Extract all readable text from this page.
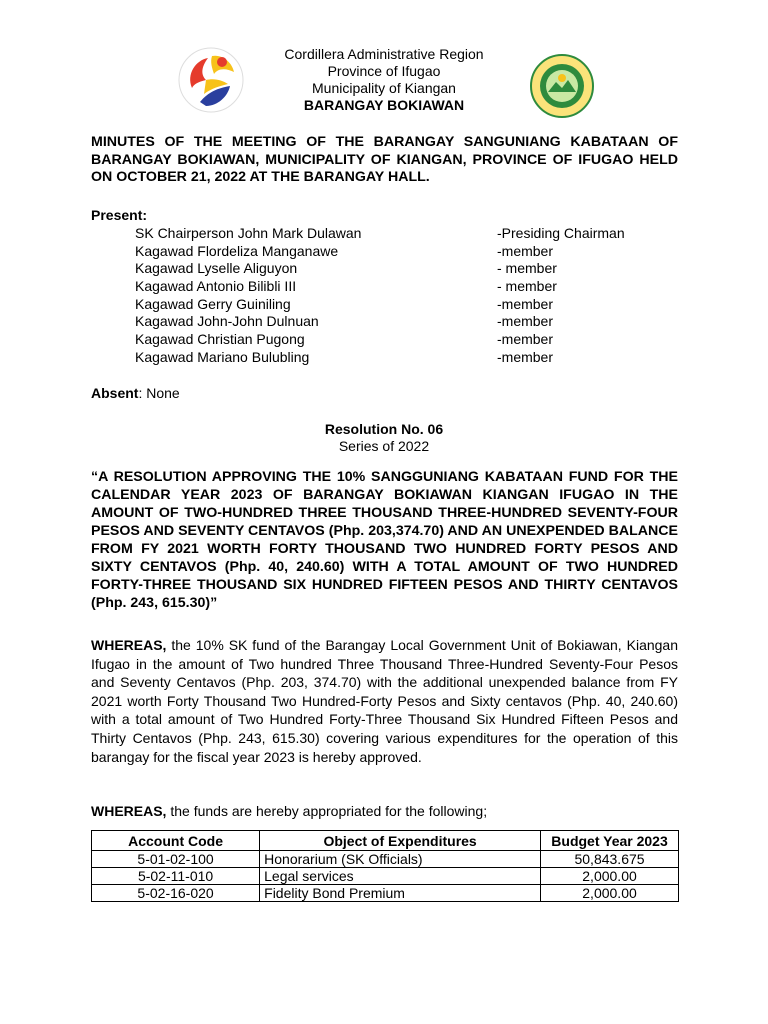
Cordillera Administrative Region
Province of Ifugao
Municipality of Kiangan
BARANGAY BOKIAWAN
MINUTES OF THE MEETING OF THE BARANGAY SANGUNIANG KABATAAN OF BARANGAY BOKIAWAN, MUNICIPALITY OF KIANGAN, PROVINCE OF IFUGAO HELD ON OCTOBER 21, 2022 AT THE BARANGAY HALL.
Present:
SK Chairperson John Mark Dulawan	-Presiding Chairman
Kagawad Flordeliza Manganawe	-member
Kagawad Lyselle Aliguyon	- member
Kagawad Antonio Bilibli III	- member
Kagawad Gerry Guiniling	-member
Kagawad John-John Dulnuan	-member
Kagawad Christian Pugong	-member
Kagawad Mariano Bulubling	-member
Absent: None
Resolution No. 06
Series of 2022
“A RESOLUTION APPROVING THE 10% SANGGUNIANG KABATAAN FUND FOR THE CALENDAR YEAR 2023 OF BARANGAY BOKIAWAN KIANGAN IFUGAO IN THE AMOUNT OF TWO-HUNDRED THREE THOUSAND THREE-HUNDRED SEVENTY-FOUR PESOS AND SEVENTY CENTAVOS (Php. 203,374.70) AND AN UNEXPENDED BALANCE FROM FY 2021 WORTH FORTY THOUSAND TWO HUNDRED FORTY PESOS AND SIXTY CENTAVOS (Php. 40, 240.60) WITH A TOTAL AMOUNT OF TWO HUNDRED FORTY-THREE THOUSAND SIX HUNDRED FIFTEEN PESOS AND THIRTY CENTAVOS (Php. 243, 615.30)”
WHEREAS, the 10% SK fund of the Barangay Local Government Unit of Bokiawan, Kiangan Ifugao in the amount of Two hundred Three Thousand Three-Hundred Seventy-Four Pesos and Seventy Centavos (Php. 203, 374.70) with the additional unexpended balance from FY 2021 worth Forty Thousand Two Hundred-Forty Pesos and Sixty centavos (Php. 40, 240.60) with a total amount of Two Hundred Forty-Three Thousand Six Hundred Fifteen Pesos and Thirty Centavos (Php. 243, 615.30) covering various expenditures for the operation of this barangay for the fiscal year 2023 is hereby approved.
WHEREAS, the funds are hereby appropriated for the following;
Account Code	Object of Expenditures	Budget Year 2023
5-01-02-100	Honorarium (SK Officials)	50,843.675
5-02-11-010	Legal services	2,000.00
5-02-16-020	Fidelity Bond Premium	2,000.00
